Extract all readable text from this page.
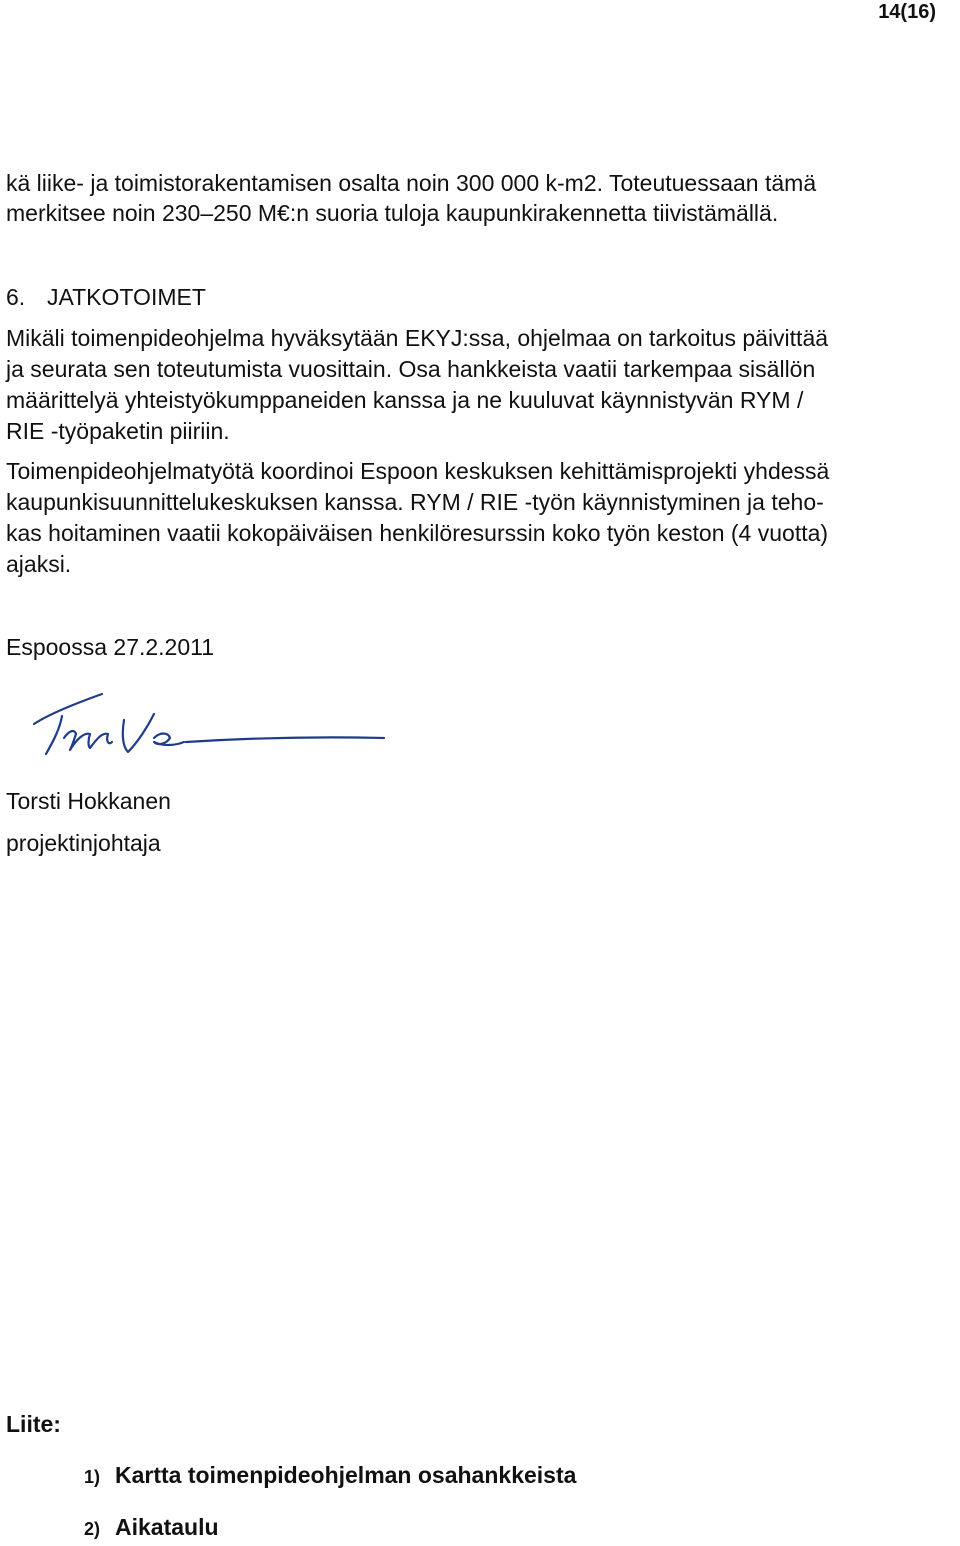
14(16)
kä liike- ja toimistorakentamisen osalta noin 300 000 k-m2. Toteutuessaan tämä
merkitsee noin 230–250 M€:n suoria tuloja kaupunkirakennetta tiivistämällä.
6. JATKOTOIMET
Mikäli toimenpideohjelma hyväksytään EKYJ:ssa, ohjelmaa on tarkoitus päivittää
ja seurata sen toteutumista vuosittain. Osa hankkeista vaatii tarkempaa sisällön
määrittelyä yhteistyökumppaneiden kanssa ja ne kuuluvat käynnistyvän RYM /
RIE -työpaketin piiriin.
Toimenpideohjelmatyötä koordinoi Espoon keskuksen kehittämisprojekti yhdessä
kaupunkisuunnittelukeskuksen kanssa. RYM / RIE -työn käynnistyminen ja teho-
kas hoitaminen vaatii kokopäiväisen henkilöresurssin koko työn keston (4 vuotta)
ajaksi.
Espoossa 27.2.2011
Torsti Hokkanen
projektinjohtaja
Liite:
1) Kartta toimenpideohjelman osahankkeista
2) Aikataulu
